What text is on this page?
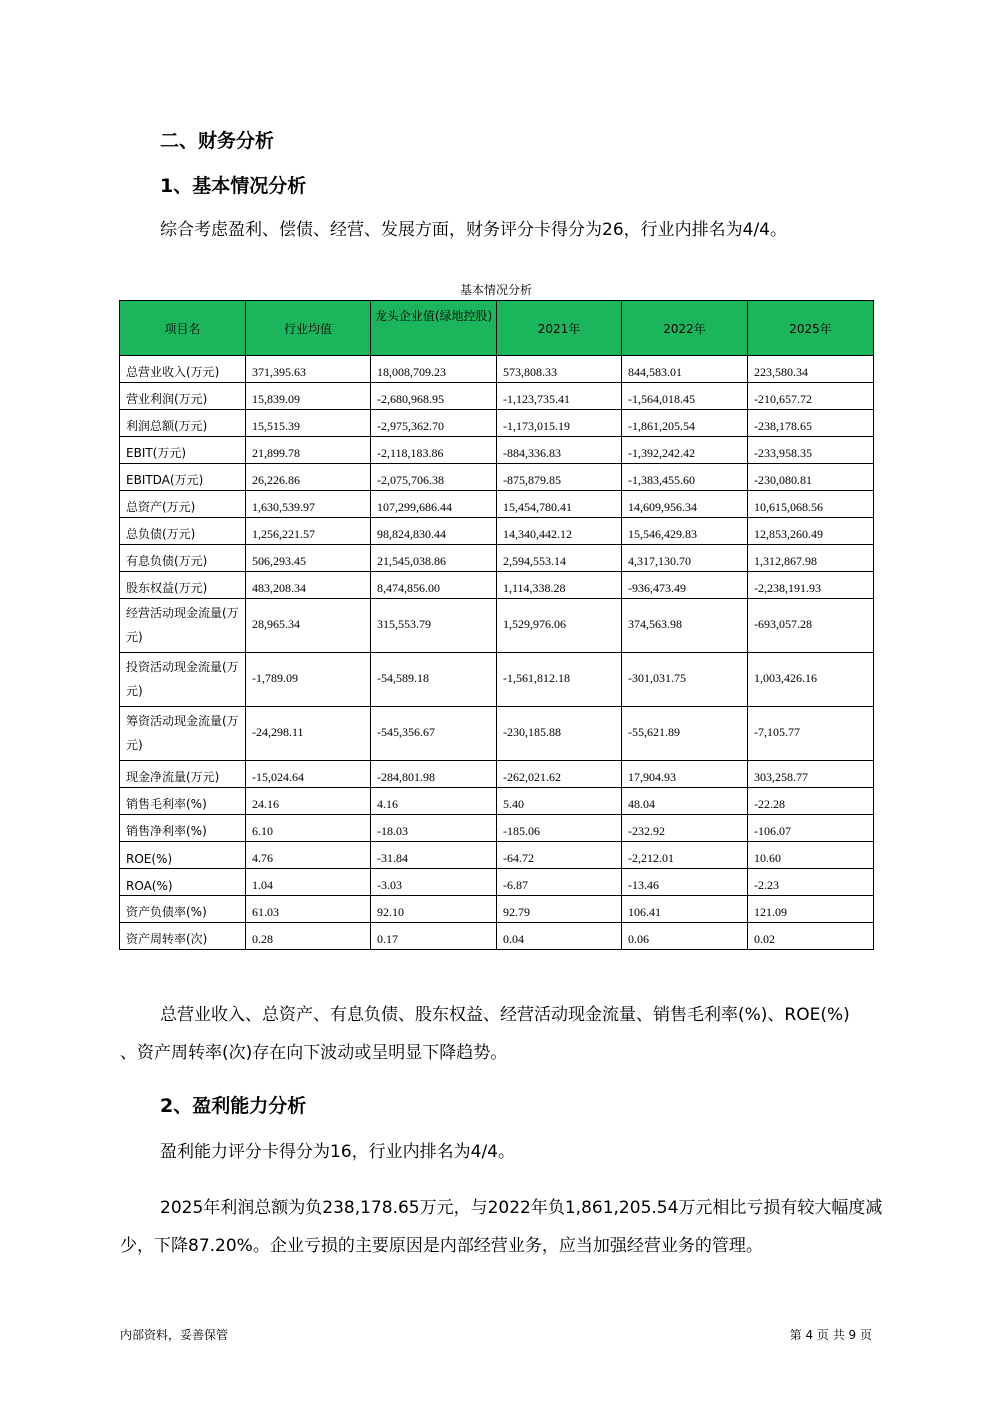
二、财务分析
1、基本情况分析
综合考虑盈利、偿债、经营、发展方面，财务评分卡得分为26，行业内排名为4/4。
基本情况分析
项目名	行业均值	龙头企业值(绿地控股)	2021年	2022年	2025年
总营业收入(万元)	371,395.63	18,008,709.23	573,808.33	844,583.01	223,580.34
营业利润(万元)	15,839.09	-2,680,968.95	-1,123,735.41	-1,564,018.45	-210,657.72
利润总额(万元)	15,515.39	-2,975,362.70	-1,173,015.19	-1,861,205.54	-238,178.65
EBIT(万元)	21,899.78	-2,118,183.86	-884,336.83	-1,392,242.42	-233,958.35
EBITDA(万元)	26,226.86	-2,075,706.38	-875,879.85	-1,383,455.60	-230,080.81
总资产(万元)	1,630,539.97	107,299,686.44	15,454,780.41	14,609,956.34	10,615,068.56
总负债(万元)	1,256,221.57	98,824,830.44	14,340,442.12	15,546,429.83	12,853,260.49
有息负债(万元)	506,293.45	21,545,038.86	2,594,553.14	4,317,130.70	1,312,867.98
股东权益(万元)	483,208.34	8,474,856.00	1,114,338.28	-936,473.49	-2,238,191.93
经营活动现金流量(万元)	28,965.34	315,553.79	1,529,976.06	374,563.98	-693,057.28
投资活动现金流量(万元)	-1,789.09	-54,589.18	-1,561,812.18	-301,031.75	1,003,426.16
筹资活动现金流量(万元)	-24,298.11	-545,356.67	-230,185.88	-55,621.89	-7,105.77
现金净流量(万元)	-15,024.64	-284,801.98	-262,021.62	17,904.93	303,258.77
销售毛利率(%)	24.16	4.16	5.40	48.04	-22.28
销售净利率(%)	6.10	-18.03	-185.06	-232.92	-106.07
ROE(%)	4.76	-31.84	-64.72	-2,212.01	10.60
ROA(%)	1.04	-3.03	-6.87	-13.46	-2.23
资产负债率(%)	61.03	92.10	92.79	106.41	121.09
资产周转率(次)	0.28	0.17	0.04	0.06	0.02
总营业收入、总资产、有息负债、股东权益、经营活动现金流量、销售毛利率(%)、ROE(%)
、资产周转率(次)存在向下波动或呈明显下降趋势。
2、盈利能力分析
盈利能力评分卡得分为16，行业内排名为4/4。
2025年利润总额为负238,178.65万元，与2022年负1,861,205.54万元相比亏损有较大幅度减
少，下降87.20%。企业亏损的主要原因是内部经营业务，应当加强经营业务的管理。
内部资料，妥善保管	第 4 页 共 9 页
